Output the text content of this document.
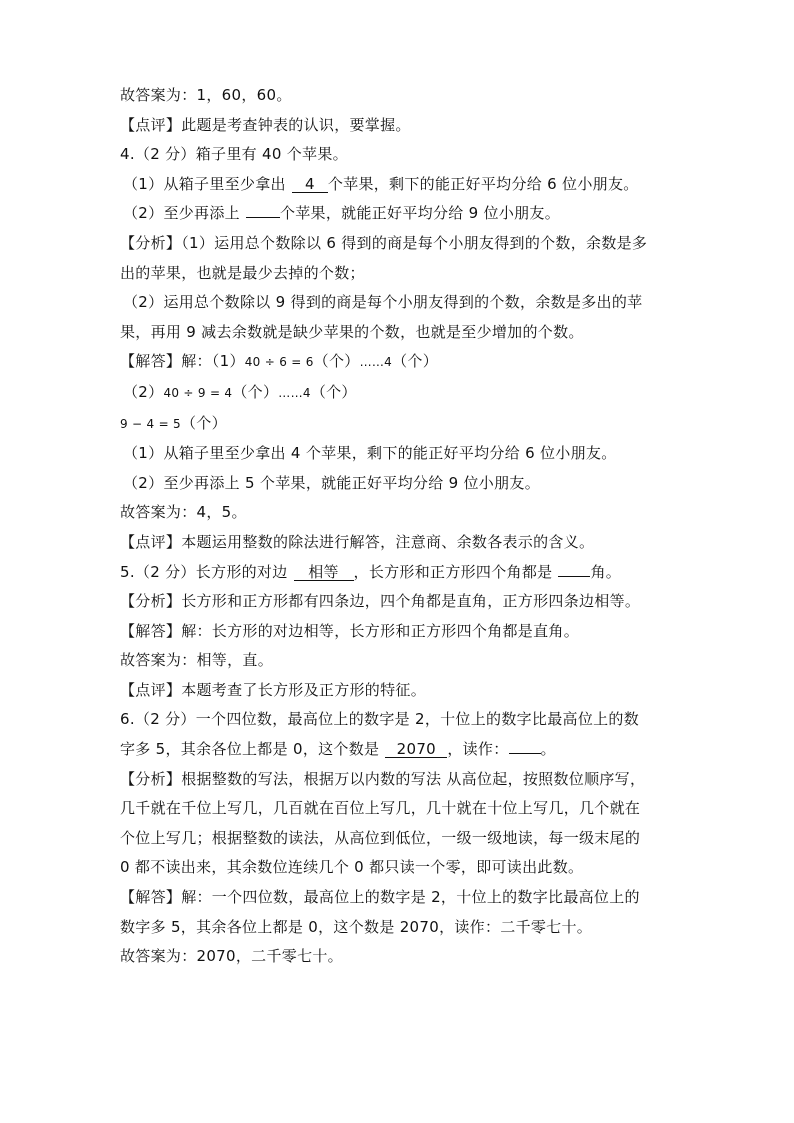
故答案为：1，60，60。
【点评】此题是考查钟表的认识，要掌握。
4.（2 分）箱子里有 40 个苹果。
（1）从箱子里至少拿出 4 个苹果，剩下的能正好平均分给 6 位小朋友。
（2）至少再添上	个苹果，就能正好平均分给 9 位小朋友。
【分析】（1）运用总个数除以 6 得到的商是每个小朋友得到的个数，余数是多
出的苹果，也就是最少去掉的个数；
（2）运用总个数除以 9 得到的商是每个小朋友得到的个数，余数是多出的苹
果，再用 9 减去余数就是缺少苹果的个数，也就是至少增加的个数。
【解答】解：（1）40 ÷ 6 = 6（个）……4（个）
（2）40 ÷ 9 = 4（个）……4（个）
9 − 4 = 5（个）
（1）从箱子里至少拿出 4 个苹果，剩下的能正好平均分给 6 位小朋友。
（2）至少再添上 5 个苹果，就能正好平均分给 9 位小朋友。
故答案为：4，5。
【点评】本题运用整数的除法进行解答，注意商、余数各表示的含义。
5.（2 分）长方形的对边 相等 ，长方形和正方形四个角都是	角。
【分析】长方形和正方形都有四条边，四个角都是直角，正方形四条边相等。
【解答】解：长方形的对边相等，长方形和正方形四个角都是直角。
故答案为：相等，直。
【点评】本题考查了长方形及正方形的特征。
6.（2 分）一个四位数，最高位上的数字是 2，十位上的数字比最高位上的数
字多 5，其余各位上都是 0，这个数是 2070 ，读作： 。
【分析】根据整数的写法，根据万以内数的写法 从高位起，按照数位顺序写，
几千就在千位上写几，几百就在百位上写几，几十就在十位上写几，几个就在
个位上写几；根据整数的读法，从高位到低位，一级一级地读，每一级末尾的
0 都不读出来，其余数位连续几个 0 都只读一个零，即可读出此数。
【解答】解：一个四位数，最高位上的数字是 2，十位上的数字比最高位上的
数字多 5，其余各位上都是 0，这个数是 2070，读作：二千零七十。
故答案为：2070，二千零七十。
